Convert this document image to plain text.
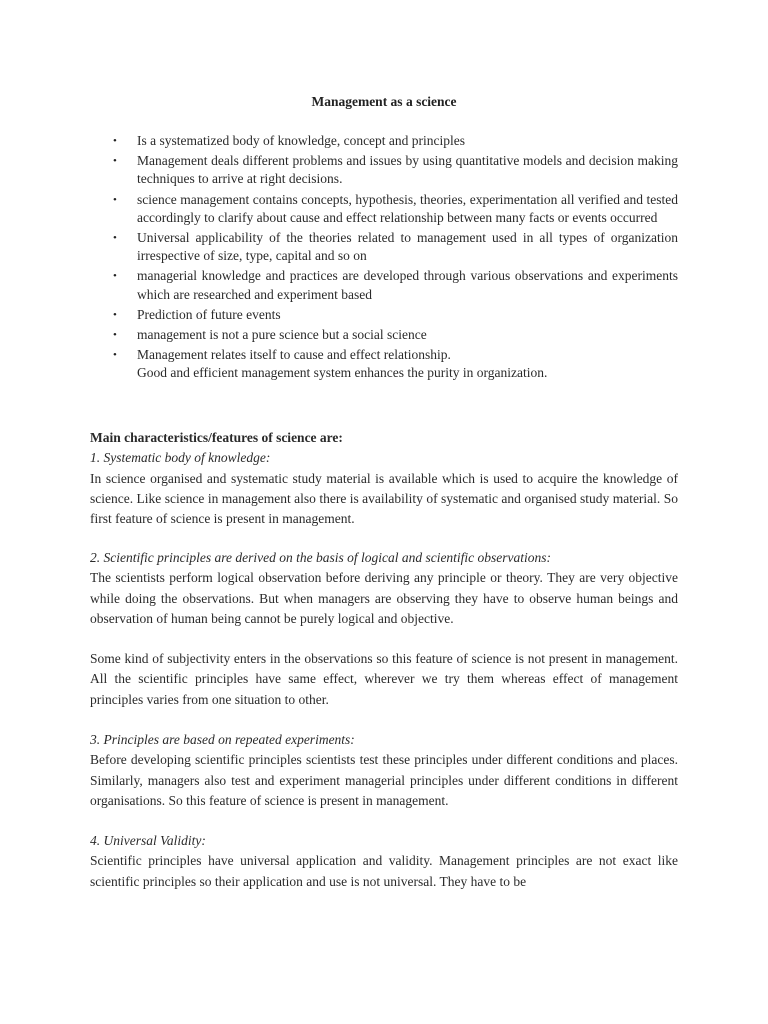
Management as a science
• Is a systematized body of knowledge, concept and principles
• Management deals different problems and issues by using quantitative models and decision making techniques to arrive at right decisions.
• science management contains concepts, hypothesis, theories, experimentation all verified and tested accordingly to clarify about cause and effect relationship between many facts or events occurred
• Universal applicability of the theories related to management used in all types of organization irrespective of size, type, capital and so on
• managerial knowledge and practices are developed through various observations and experiments which are researched and experiment based
• Prediction of future events
• management is not a pure science but a social science
• Management relates itself to cause and effect relationship.
Good and efficient management system enhances the purity in organization.
Main characteristics/features of science are:
1. Systematic body of knowledge:
In science organised and systematic study material is available which is used to acquire the knowledge of science. Like science in management also there is availability of systematic and organised study material. So first feature of science is present in management.
2. Scientific principles are derived on the basis of logical and scientific observations:
The scientists perform logical observation before deriving any principle or theory. They are very objective while doing the observations. But when managers are observing they have to observe human beings and observation of human being cannot be purely logical and objective.
Some kind of subjectivity enters in the observations so this feature of science is not present in management. All the scientific principles have same effect, wherever we try them whereas effect of management principles varies from one situation to other.
3. Principles are based on repeated experiments:
Before developing scientific principles scientists test these principles under different conditions and places. Similarly, managers also test and experiment managerial principles under different conditions in different organisations. So this feature of science is present in management.
4. Universal Validity:
Scientific principles have universal application and validity. Management principles are not exact like scientific principles so their application and use is not universal. They have to be
